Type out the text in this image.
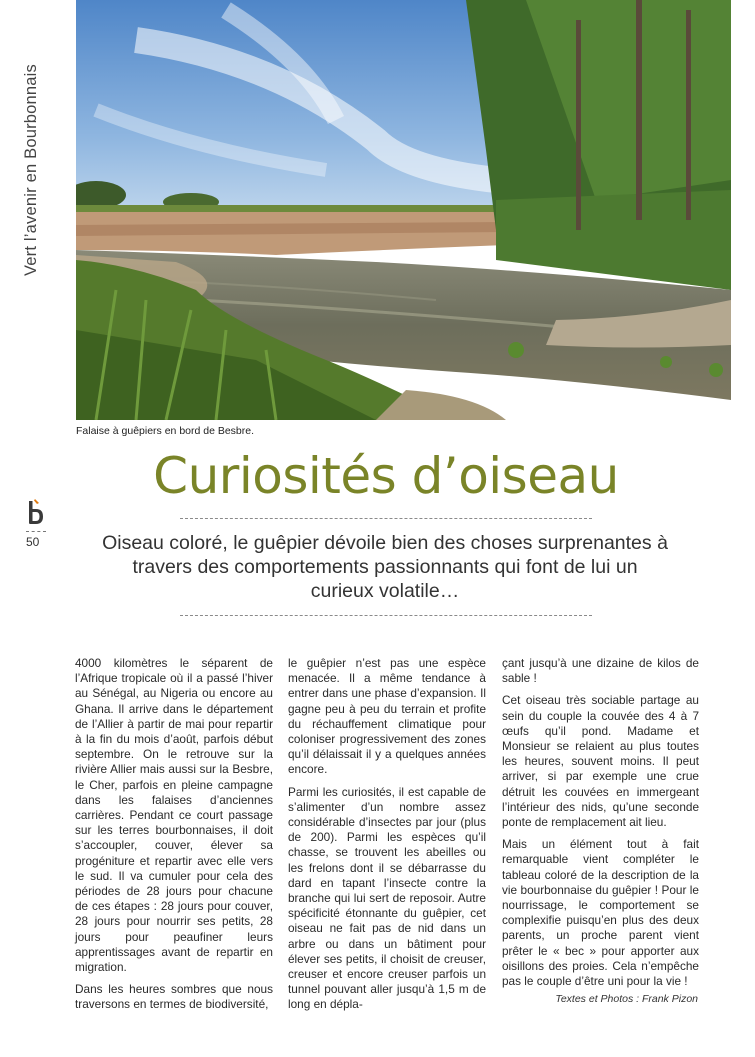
Vert l’avenir en Bourbonnais
50
Falaise à guêpiers en bord de Besbre.
Curiosités d’oiseau

Oiseau coloré, le guêpier dévoile bien des choses surprenantes à travers des comportements passionnants qui font de lui un curieux volatile…

4000 kilomètres le séparent de l’Afrique tropicale où il a passé l’hiver au Sénégal, au Nigeria ou encore au Ghana. Il arrive dans le département de l’Allier à partir de mai pour repartir à la fin du mois d’août, parfois début septembre. On le retrouve sur la rivière Allier mais aussi sur la Besbre, le Cher, parfois en pleine campagne dans les falaises d’anciennes carrières. Pendant ce court passage sur les terres bourbonnaises, il doit s’accoupler, couver, élever sa progéniture et repartir avec elle vers le sud. Il va cumuler pour cela des périodes de 28 jours pour chacune de ces étapes : 28 jours pour couver, 28 jours pour nourrir ses petits, 28 jours pour peaufiner leurs apprentissages avant de repartir en migration.

Dans les heures sombres que nous traversons en termes de biodiversité,

le guêpier n’est pas une espèce menacée. Il a même tendance à entrer dans une phase d’expansion. Il gagne peu à peu du terrain et profite du réchauffement climatique pour coloniser progressivement des zones qu’il délaissait il y a quelques années encore.

Parmi les curiosités, il est capable de s’alimenter d’un nombre assez considérable d’insectes par jour (plus de 200). Parmi les espèces qu’il chasse, se trouvent les abeilles ou les frelons dont il se débarrasse du dard en tapant l’insecte contre la branche qui lui sert de reposoir. Autre spécificité étonnante du guêpier, cet oiseau ne fait pas de nid dans un arbre ou dans un bâtiment pour élever ses petits, il choisit de creuser, creuser et encore creuser parfois un tunnel pouvant aller jusqu’à 1,5 m de long en dépla-

çant jusqu’à une dizaine de kilos de sable !

Cet oiseau très sociable partage au sein du couple la couvée des 4 à 7 œufs qu’il pond. Madame et Monsieur se relaient au plus toutes les heures, souvent moins. Il peut arriver, si par exemple une crue détruit les couvées en immergeant l’intérieur des nids, qu’une seconde ponte de remplacement ait lieu.

Mais un élément tout à fait remarquable vient compléter le tableau coloré de la description de la vie bourbonnaise du guêpier ! Pour le nourrissage, le comportement se complexifie puisqu’en plus des deux parents, un proche parent vient prêter le « bec » pour apporter aux oisillons des proies. Cela n’empêche pas le couple d’être uni pour la vie !

Textes et Photos : Frank Pizon
